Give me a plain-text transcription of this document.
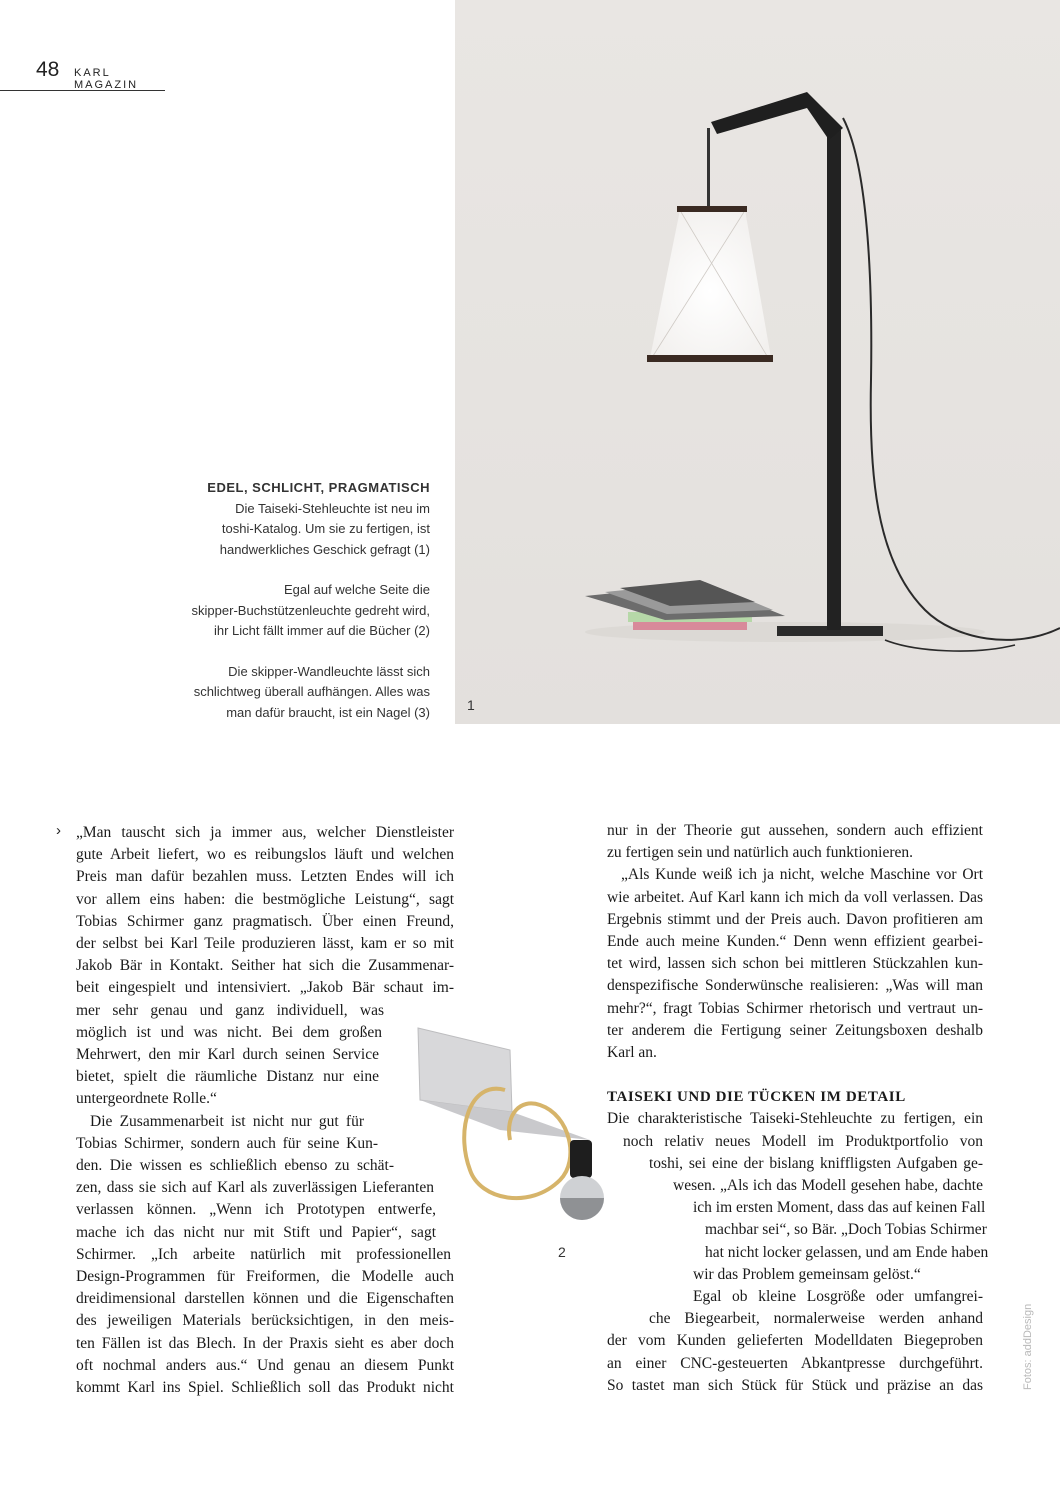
48 KARL MAGAZIN
1

EDEL, SCHLICHT, PRAGMATISCH
Die Taiseki-Stehleuchte ist neu im
toshi-Katalog. Um sie zu fertigen, ist
handwerkliches Geschick gefragt (1)

Egal auf welche Seite die
skipper-Buchstützenleuchte gedreht wird,
ihr Licht fällt immer auf die Bücher (2)

Die skipper-Wandleuchte lässt sich
schlichtweg überall aufhängen. Alles was
man dafür braucht, ist ein Nagel (3)

›
2
„Man tauscht sich ja immer aus, welcher Dienstleister
gute Arbeit liefert, wo es reibungslos läuft und welchen
Preis man dafür bezahlen muss. Letzten Endes will ich
vor allem eins haben: die bestmögliche Leistung“, sagt
Tobias Schirmer ganz pragmatisch. Über einen Freund,
der selbst bei Karl Teile produzieren lässt, kam er so mit
Jakob Bär in Kontakt. Seither hat sich die Zusammenar-
beit eingespielt und intensiviert. „Jakob Bär schaut im-
mer sehr genau und ganz individuell, was
möglich ist und was nicht. Bei dem großen
Mehrwert, den mir Karl durch seinen Service
bietet, spielt die räumliche Distanz nur eine
untergeordnete Rolle.“
Die Zusammenarbeit ist nicht nur gut für
Tobias Schirmer, sondern auch für seine Kun-
den. Die wissen es schließlich ebenso zu schät-
zen, dass sie sich auf Karl als zuverlässigen Lieferanten
verlassen können. „Wenn ich Prototypen entwerfe,
mache ich das nicht nur mit Stift und Papier“, sagt
Schirmer. „Ich arbeite natürlich mit professionellen
Design-Programmen für Freiformen, die Modelle auch
dreidimensional darstellen können und die Eigenschaften
des jeweiligen Materials berücksichtigen, in den meis-
ten Fällen ist das Blech. In der Praxis sieht es aber doch
oft nochmal anders aus.“ Und genau an diesem Punkt
kommt Karl ins Spiel. Schließlich soll das Produkt nicht
nur in der Theorie gut aussehen, sondern auch effizient
zu fertigen sein und natürlich auch funktionieren.
„Als Kunde weiß ich ja nicht, welche Maschine vor Ort
wie arbeitet. Auf Karl kann ich mich da voll verlassen. Das
Ergebnis stimmt und der Preis auch. Davon profitieren am
Ende auch meine Kunden.“ Denn wenn effizient gearbei-
tet wird, lassen sich schon bei mittleren Stückzahlen kun-
denspezifische Sonderwünsche realisieren: „Was will man
mehr?“, fragt Tobias Schirmer rhetorisch und vertraut un-
ter anderem die Fertigung seiner Zeitungsboxen deshalb
Karl an.
TAISEKI UND DIE TÜCKEN IM DETAIL
Die charakteristische Taiseki-Stehleuchte zu fertigen, ein
noch relativ neues Modell im Produktportfolio von
toshi, sei eine der bislang kniffligsten Aufgaben ge-
wesen. „Als ich das Modell gesehen habe, dachte
ich im ersten Moment, dass das auf keinen Fall
machbar sei“, so Bär. „Doch Tobias Schirmer
hat nicht locker gelassen, und am Ende haben
wir das Problem gemeinsam gelöst.“
Egal ob kleine Losgröße oder umfangrei-
che Biegearbeit, normalerweise werden anhand
der vom Kunden gelieferten Modelldaten Biegeproben
an einer CNC-gesteuerten Abkantpresse durchgeführt.
So tastet man sich Stück für Stück und präzise an das	Fotos: addDesign
